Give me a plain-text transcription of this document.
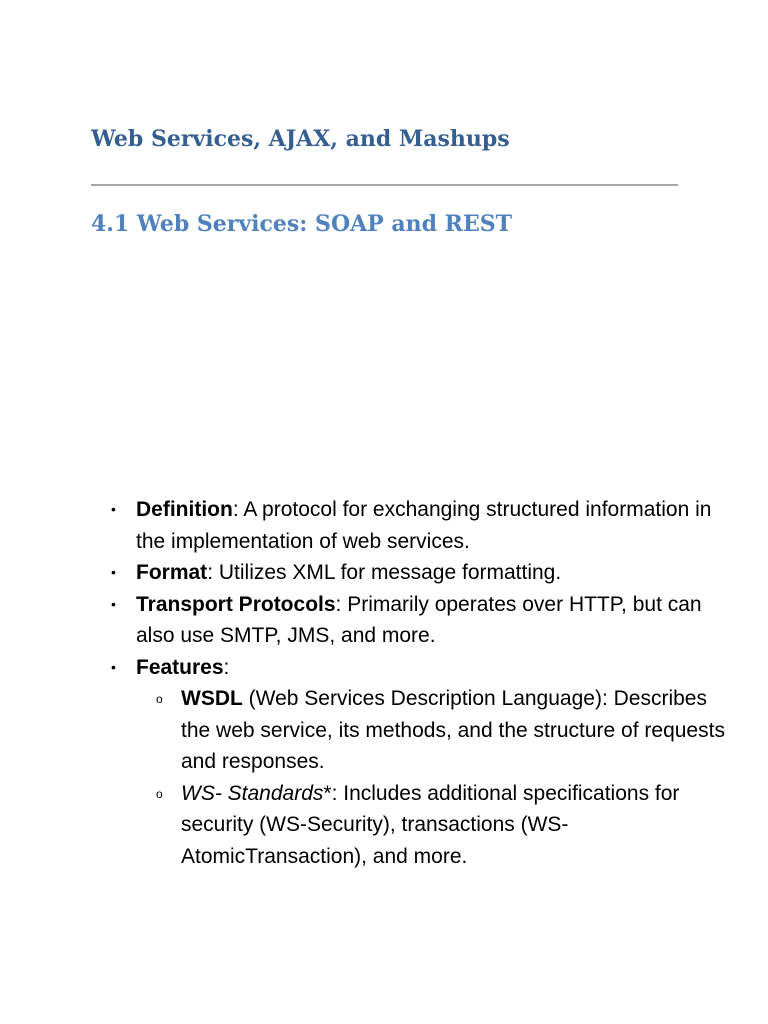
Web Services, AJAX, and Mashups
4.1 Web Services: SOAP and REST
• Definition: A protocol for exchanging structured information in the implementation of web services.
• Format: Utilizes XML for message formatting.
• Transport Protocols: Primarily operates over HTTP, but can also use SMTP, JMS, and more.
• Features:
o WSDL (Web Services Description Language): Describes the web service, its methods, and the structure of requests and responses.
o WS- Standards*: Includes additional specifications for security (WS-Security), transactions (WS-AtomicTransaction), and more.
